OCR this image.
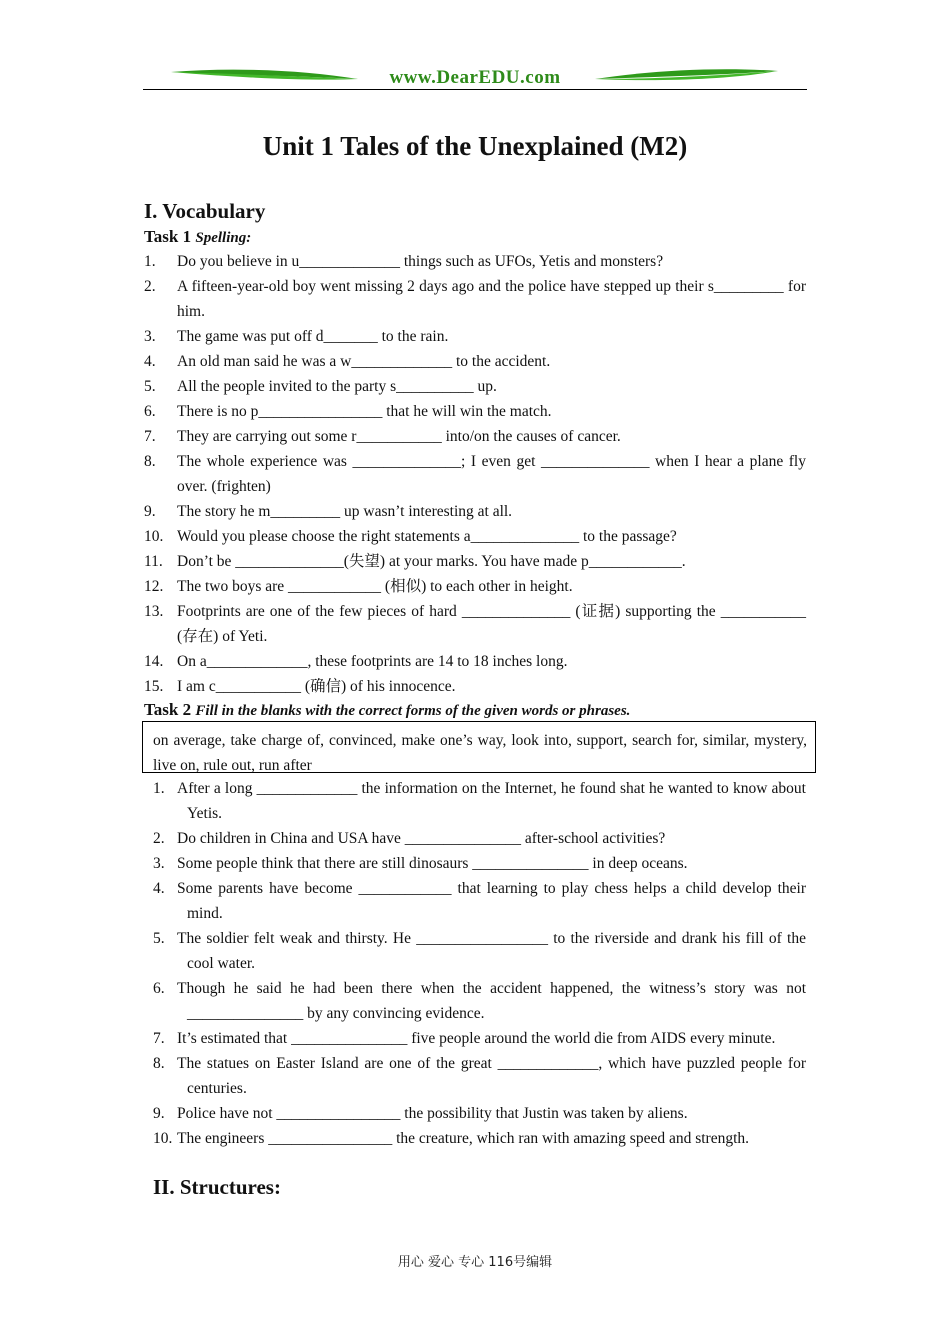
www.DearEDU.com
Unit 1 Tales of the Unexplained (M2)
I. Vocabulary
Task 1 Spelling:
1. Do you believe in u_____________ things such as UFOs, Yetis and monsters?
2. A fifteen-year-old boy went missing 2 days ago and the police have stepped up their s_________ for him.
3. The game was put off d_______ to the rain.
4. An old man said he was a w_____________ to the accident.
5. All the people invited to the party s__________ up.
6. There is no p________________ that he will win the match.
7. They are carrying out some r___________ into/on the causes of cancer.
8. The whole experience was ______________; I even get ______________ when I hear a plane fly over. (frighten)
9. The story he m_________ up wasn’t interesting at all.
10. Would you please choose the right statements a______________ to the passage?
11. Don’t be ______________(失望) at your marks. You have made p____________.
12. The two boys are ____________ (相似) to each other in height.
13. Footprints are one of the few pieces of hard ______________ (证据) supporting the ___________ (存在) of Yeti.
14. On a_____________, these footprints are 14 to 18 inches long.
15. I am c___________ (确信) of his innocence.
Task 2 Fill in the blanks with the correct forms of the given words or phrases.
on average, take charge of, convinced, make one’s way, look into, support, search for, similar, mystery, live on, rule out, run after
1. After a long _____________ the information on the Internet, he found shat he wanted to know about Yetis.
2. Do children in China and USA have _______________ after-school activities?
3. Some people think that there are still dinosaurs _______________ in deep oceans.
4. Some parents have become ____________ that learning to play chess helps a child develop their mind.
5. The soldier felt weak and thirsty. He _________________ to the riverside and drank his fill of the cool water.
6. Though he said he had been there when the accident happened, the witness’s story was not _______________ by any convincing evidence.
7. It’s estimated that _______________ five people around the world die from AIDS every minute.
8. The statues on Easter Island are one of the great _____________, which have puzzled people for centuries.
9. Police have not ________________ the possibility that Justin was taken by aliens.
10. The engineers ________________ the creature, which ran with amazing speed and strength.
II. Structures:
用心 爱心 专心 116号编辑
